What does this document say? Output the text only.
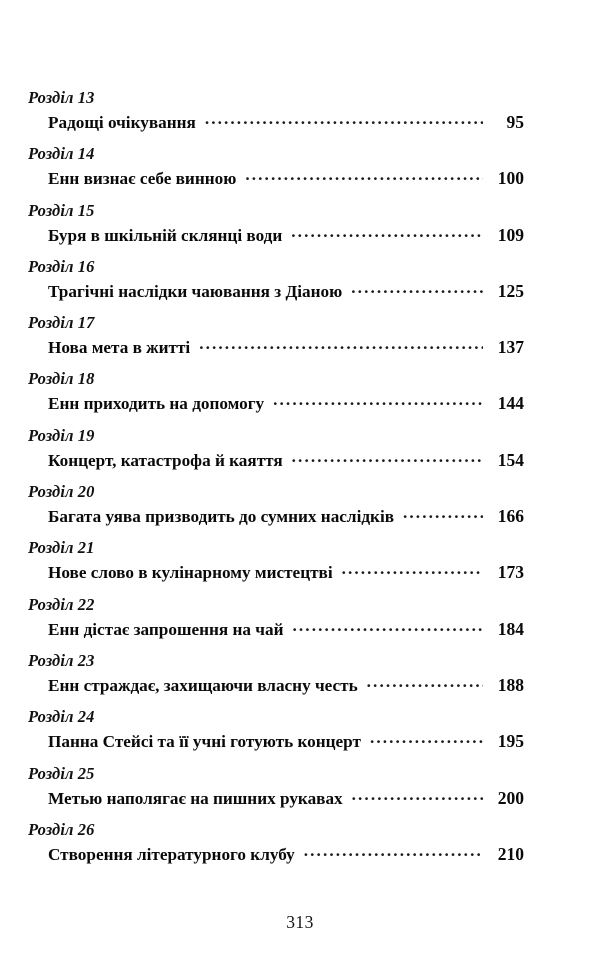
Розділ 13
Радощі очікування .....	95
Розділ 14
Енн визнає себе винною .....	100
Розділ 15
Буря в шкільній склянці води .....	109
Розділ 16
Трагічні наслідки чаювання з Діаною .....	125
Розділ 17
Нова мета в житті .....	137
Розділ 18
Енн приходить на допомогу .....	144
Розділ 19
Концерт, катастрофа й каяття .....	154
Розділ 20
Багата уява призводить до сумних наслідків .....	166
Розділ 21
Нове слово в кулінарному мистецтві .....	173
Розділ 22
Енн дістає запрошення на чай .....	184
Розділ 23
Енн страждає, захищаючи власну честь .....	188
Розділ 24
Панна Стейсі та її учні готують концерт .....	195
Розділ 25
Метью наполягає на пишних рукавах .....	200
Розділ 26
Створення літературного клубу .....	210
313
